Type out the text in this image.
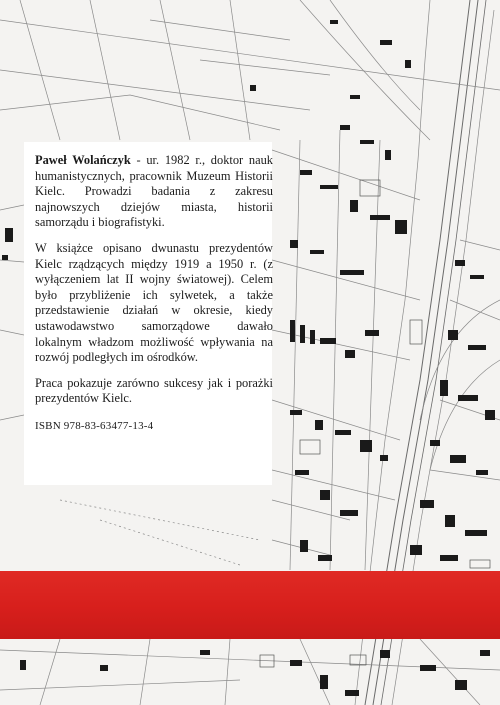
Paweł Wolańczyk - ur. 1982 r., doktor nauk humanistycznych, pracownik Muzeum Historii Kielc. Prowadzi badania z zakresu najnowszych dziejów miasta, historii samorządu i biografistyki.

W książce opisano dwunastu prezydentów Kielc rządzących między 1919 a 1950 r. (z wyłączeniem lat II wojny światowej). Celem było przybliżenie ich sylwetek, a także przedstawienie działań w okresie, kiedy ustawodawstwo samorządowe dawało lokalnym władzom możliwość wpływania na rozwój podległych im ośrodków.

Praca pokazuje zarówno sukcesy jak i porażki prezydentów Kielc.

ISBN 978-83-63477-13-4
